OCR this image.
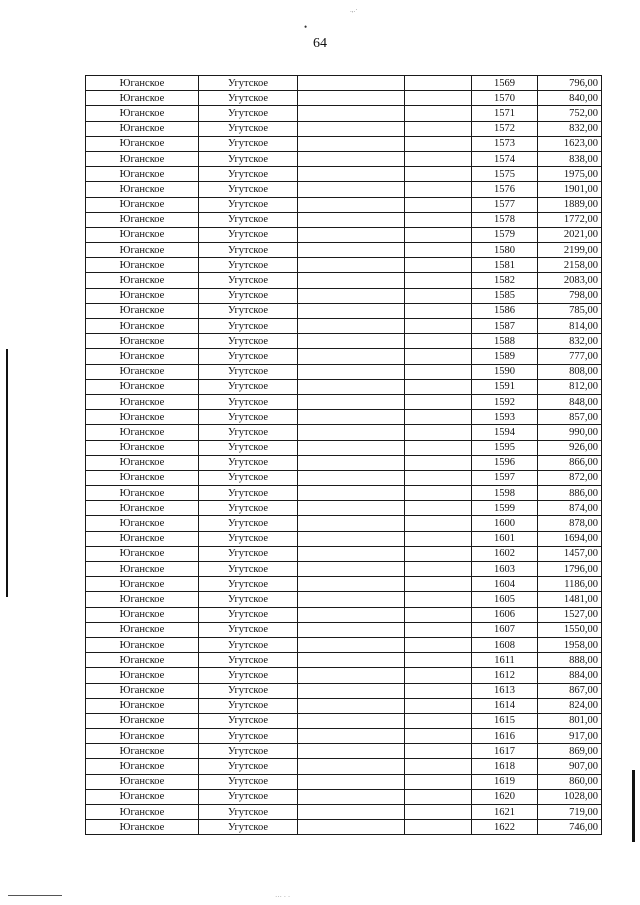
.,.·
•
64
··· · ·
Юганское	Угутское			1569	796,00
Юганское	Угутское			1570	840,00
Юганское	Угутское			1571	752,00
Юганское	Угутское			1572	832,00
Юганское	Угутское			1573	1623,00
Юганское	Угутское			1574	838,00
Юганское	Угутское			1575	1975,00
Юганское	Угутское			1576	1901,00
Юганское	Угутское			1577	1889,00
Юганское	Угутское			1578	1772,00
Юганское	Угутское			1579	2021,00
Юганское	Угутское			1580	2199,00
Юганское	Угутское			1581	2158,00
Юганское	Угутское			1582	2083,00
Юганское	Угутское			1585	798,00
Юганское	Угутское			1586	785,00
Юганское	Угутское			1587	814,00
Юганское	Угутское			1588	832,00
Юганское	Угутское			1589	777,00
Юганское	Угутское			1590	808,00
Юганское	Угутское			1591	812,00
Юганское	Угутское			1592	848,00
Юганское	Угутское			1593	857,00
Юганское	Угутское			1594	990,00
Юганское	Угутское			1595	926,00
Юганское	Угутское			1596	866,00
Юганское	Угутское			1597	872,00
Юганское	Угутское			1598	886,00
Юганское	Угутское			1599	874,00
Юганское	Угутское			1600	878,00
Юганское	Угутское			1601	1694,00
Юганское	Угутское			1602	1457,00
Юганское	Угутское			1603	1796,00
Юганское	Угутское			1604	1186,00
Юганское	Угутское			1605	1481,00
Юганское	Угутское			1606	1527,00
Юганское	Угутское			1607	1550,00
Юганское	Угутское			1608	1958,00
Юганское	Угутское			1611	888,00
Юганское	Угутское			1612	884,00
Юганское	Угутское			1613	867,00
Юганское	Угутское			1614	824,00
Юганское	Угутское			1615	801,00
Юганское	Угутское			1616	917,00
Юганское	Угутское			1617	869,00
Юганское	Угутское			1618	907,00
Юганское	Угутское			1619	860,00
Юганское	Угутское			1620	1028,00
Юганское	Угутское			1621	719,00
Юганское	Угутское			1622	746,00
